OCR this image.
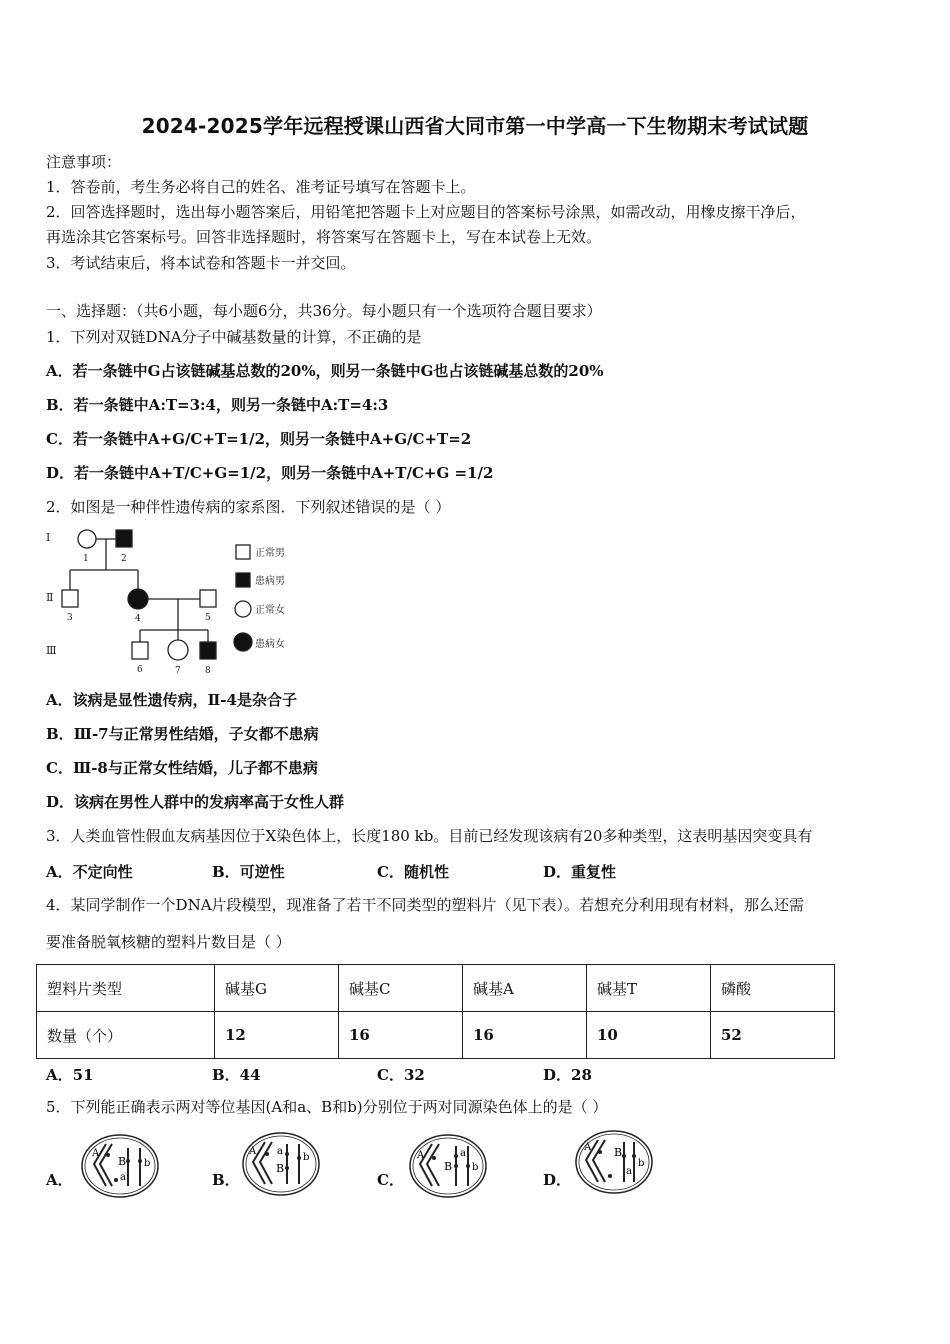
2024-2025学年远程授课山西省大同市第一中学高一下生物期末考试试题
注意事项：
1．答卷前，考生务必将自己的姓名、准考证号填写在答题卡上。
2．回答选择题时，选出每小题答案后，用铅笔把答题卡上对应题目的答案标号涂黑，如需改动，用橡皮擦干净后，
再选涂其它答案标号。回答非选择题时，将答案写在答题卡上，写在本试卷上无效。
3．考试结束后，将本试卷和答题卡一并交回。
一、选择题：（共6小题，每小题6分，共36分。每小题只有一个选项符合题目要求）
1．下列对双链DNA分子中碱基数量的计算，不正确的是
A．若一条链中G占该链碱基总数的20%，则另一条链中G也占该链碱基总数的20%
B．若一条链中A:T=3:4，则另一条链中A:T=4:3
C．若一条链中A+G/C+T=1/2，则另一条链中A+G/C+T=2
D．若一条链中A+T/C+G=1/2，则另一条链中A+T/C+G =1/2
2．如图是一种伴性遗传病的家系图．下列叙述错误的是（ ）
Ⅰ
Ⅱ
Ⅲ
1	2
3	4	5
6	7	8
正常男
患病男
正常女
患病女
A．该病是显性遗传病，Ⅱ-4是杂合子
B．Ⅲ-7与正常男性结婚，子女都不患病
C．Ⅲ-8与正常女性结婚，儿子都不患病
D．该病在男性人群中的发病率高于女性人群
3．人类血管性假血友病基因位于X染色体上，长度180 kb。目前已经发现该病有20多种类型，这表明基因突变具有
A．不定向性	B．可逆性	C．随机性	D．重复性
4．某同学制作一个DNA片段模型，现准备了若干不同类型的塑料片（见下表）。若想充分利用现有材料，那么还需
要准备脱氧核糖的塑料片数目是（ ）
塑料片类型	碱基G	碱基C	碱基A	碱基T	磷酸
数量（个）	12	16	16	10	52
A．51	B．44	C．32	D．28
5．下列能正确表示两对等位基因(A和a、B和b)分别位于两对同源染色体上的是（ ）
A．	B．	C．	D．
A
a
B b
A a
B
b	A	a
B b
A
a
B
b
